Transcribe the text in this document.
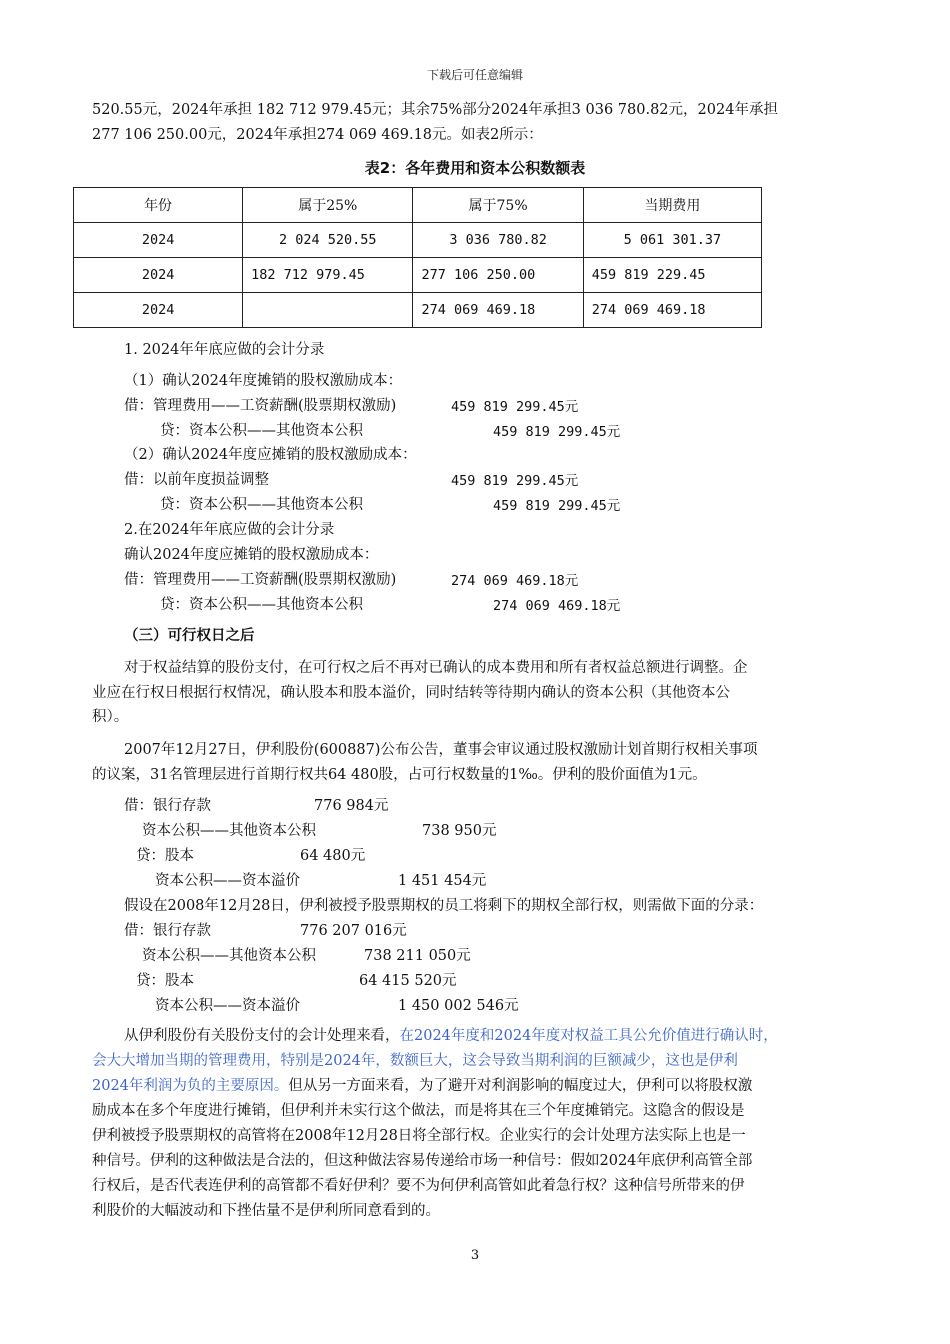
下载后可任意编辑
520.55元，2024年承担 182 712 979.45元；其余75%部分2024年承担3 036 780.82元，2024年承担
277 106 250.00元，2024年承担274 069 469.18元。如表2所示：
表2：各年费用和资本公积数额表
年份	属于25%	属于75%	当期费用
2024	2 024 520.55	3 036 780.82	5 061 301.37
2024	182 712 979.45	277 106 250.00	459 819 229.45
2024		274 069 469.18	274 069 469.18
1. 2024年年底应做的会计分录
（1）确认2024年度摊销的股权激励成本：
借：管理费用——工资薪酬(股票期权激励)	459 819 299.45元
贷：资本公积——其他资本公积	459 819 299.45元
（2）确认2024年度应摊销的股权激励成本：
借：以前年度损益调整	459 819 299.45元
贷：资本公积——其他资本公积	459 819 299.45元
2.在2024年年底应做的会计分录
确认2024年度应摊销的股权激励成本：
借：管理费用——工资薪酬(股票期权激励)	274 069 469.18元
贷：资本公积——其他资本公积	274 069 469.18元
（三）可行权日之后
对于权益结算的股份支付，在可行权之后不再对已确认的成本费用和所有者权益总额进行调整。企
业应在行权日根据行权情况，确认股本和股本溢价，同时结转等待期内确认的资本公积（其他资本公
积）。
2007年12月27日，伊利股份(600887)公布公告，董事会审议通过股权激励计划首期行权相关事项
的议案，31名管理层进行首期行权共64 480股，占可行权数量的1‰。伊利的股价面值为1元。
借：银行存款	776 984元
资本公积——其他资本公积	738 950元
贷：股本	64 480元
资本公积——资本溢价	1 451 454元
假设在2008年12月28日，伊利被授予股票期权的员工将剩下的期权全部行权，则需做下面的分录：
借：银行存款	776 207 016元
资本公积——其他资本公积	738 211 050元
贷：股本	64 415 520元
资本公积——资本溢价	1 450 002 546元
从伊利股份有关股份支付的会计处理来看，在2024年度和2024年度对权益工具公允价值进行确认时，
会大大增加当期的管理费用，特别是2024年，数额巨大，这会导致当期利润的巨额减少，这也是伊利
2024年利润为负的主要原因。但从另一方面来看，为了避开对利润影响的幅度过大，伊利可以将股权激
励成本在多个年度进行摊销，但伊利并未实行这个做法，而是将其在三个年度摊销完。这隐含的假设是
伊利被授予股票期权的高管将在2008年12月28日将全部行权。企业实行的会计处理方法实际上也是一
种信号。伊利的这种做法是合法的，但这种做法容易传递给市场一种信号：假如2024年底伊利高管全部
行权后，是否代表连伊利的高管都不看好伊利？要不为何伊利高管如此着急行权？这种信号所带来的伊
利股价的大幅波动和下挫估量不是伊利所同意看到的。
3
